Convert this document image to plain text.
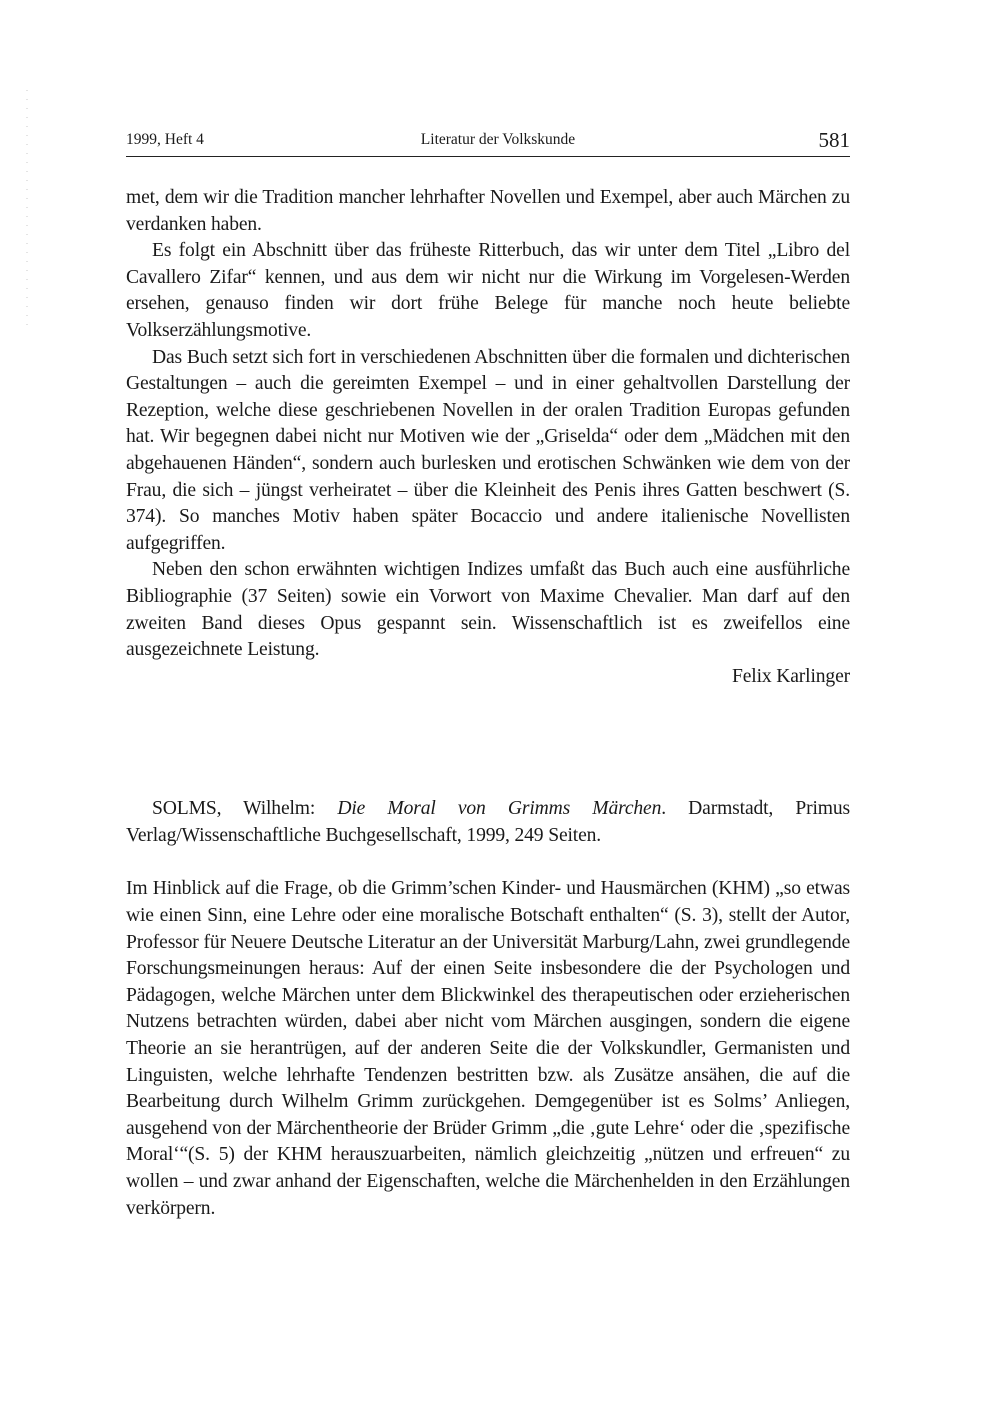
1999, Heft 4	Literatur der Volkskunde	581

met, dem wir die Tradition mancher lehrhafter Novellen und Exempel, aber auch Märchen zu verdanken haben.

Es folgt ein Abschnitt über das früheste Ritterbuch, das wir unter dem Titel „Libro del Cavallero Zifar“ kennen, und aus dem wir nicht nur die Wirkung im Vorgelesen-Werden ersehen, genauso finden wir dort frühe Belege für manche noch heute beliebte Volkserzählungsmotive.

Das Buch setzt sich fort in verschiedenen Abschnitten über die formalen und dichterischen Gestaltungen – auch die gereimten Exempel – und in einer gehaltvollen Darstellung der Rezeption, welche diese geschriebenen Novellen in der oralen Tradition Europas gefunden hat. Wir begegnen dabei nicht nur Motiven wie der „Griselda“ oder dem „Mädchen mit den abgehauenen Händen“, sondern auch burlesken und erotischen Schwänken wie dem von der Frau, die sich – jüngst verheiratet – über die Kleinheit des Penis ihres Gatten beschwert (S. 374). So manches Motiv haben später Bocaccio und andere italienische Novellisten aufgegriffen.

Neben den schon erwähnten wichtigen Indizes umfaßt das Buch auch eine ausführliche Bibliographie (37 Seiten) sowie ein Vorwort von Maxime Chevalier. Man darf auf den zweiten Band dieses Opus gespannt sein. Wissenschaftlich ist es zweifellos eine ausgezeichnete Leistung.

Felix Karlinger
SOLMS, Wilhelm: Die Moral von Grimms Märchen. Darmstadt, Primus Verlag/Wissenschaftliche Buchgesellschaft, 1999, 249 Seiten.

Im Hinblick auf die Frage, ob die Grimm’schen Kinder- und Hausmärchen (KHM) „so etwas wie einen Sinn, eine Lehre oder eine moralische Botschaft enthalten“ (S. 3), stellt der Autor, Professor für Neuere Deutsche Literatur an der Universität Marburg/Lahn, zwei grundlegende Forschungsmeinungen heraus: Auf der einen Seite insbesondere die der Psychologen und Pädagogen, welche Märchen unter dem Blickwinkel des therapeutischen oder erzieherischen Nutzens betrachten würden, dabei aber nicht vom Märchen ausgingen, sondern die eigene Theorie an sie herantrügen, auf der anderen Seite die der Volkskundler, Germanisten und Linguisten, welche lehrhafte Tendenzen bestritten bzw. als Zusätze ansähen, die auf die Bearbeitung durch Wilhelm Grimm zurückgehen. Demgegenüber ist es Solms’ Anliegen, ausgehend von der Märchentheorie der Brüder Grimm „die ‚gute Lehre‘ oder die ‚spezifische Moral‘“(S. 5) der KHM herauszuarbeiten, nämlich gleichzeitig „nützen und erfreuen“ zu wollen – und zwar anhand der Eigenschaften, welche die Märchenhelden in den Erzählungen verkörpern.
